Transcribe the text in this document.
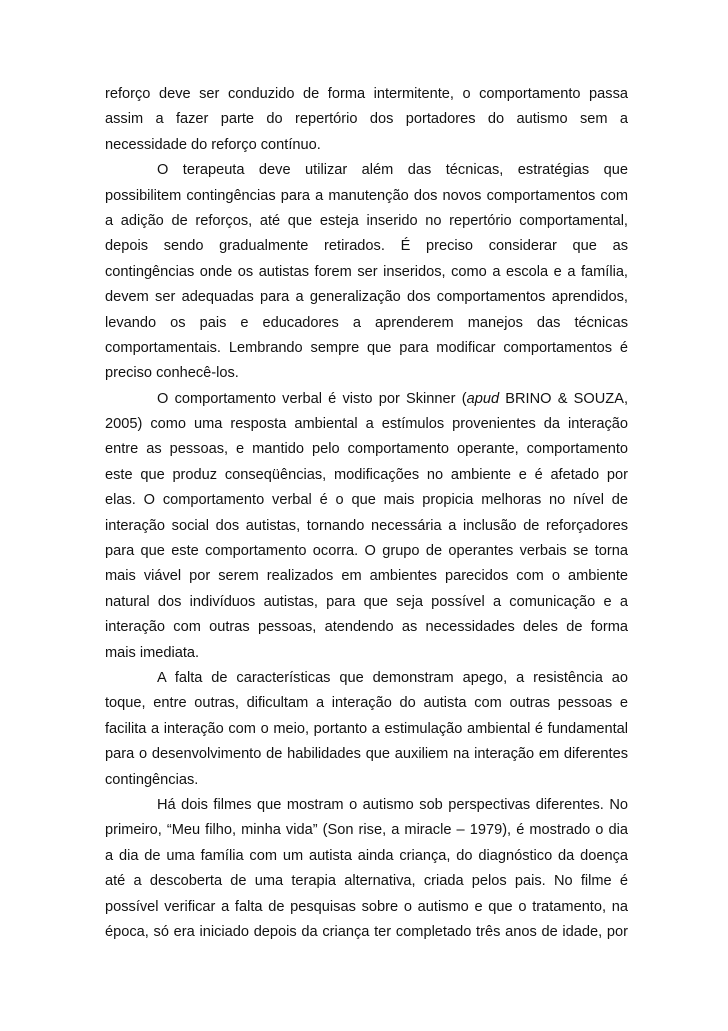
reforço deve ser conduzido de forma intermitente, o comportamento passa
assim a fazer parte do repertório dos portadores do autismo sem a
necessidade do reforço contínuo.
O terapeuta deve utilizar além das técnicas, estratégias que
possibilitem contingências para a manutenção dos novos comportamentos com
a adição de reforços, até que esteja inserido no repertório comportamental,
depois sendo gradualmente retirados. É preciso considerar que as
contingências onde os autistas forem ser inseridos, como a escola e a família,
devem ser adequadas para a generalização dos comportamentos aprendidos,
levando os pais e educadores a aprenderem manejos das técnicas
comportamentais. Lembrando sempre que para modificar comportamentos é
preciso conhecê-los.
O comportamento verbal é visto por Skinner (apud BRINO & SOUZA,
2005) como uma resposta ambiental a estímulos provenientes da interação
entre as pessoas, e mantido pelo comportamento operante, comportamento
este que produz conseqüências, modificações no ambiente e é afetado por
elas. O comportamento verbal é o que mais propicia melhoras no nível de
interação social dos autistas, tornando necessária a inclusão de reforçadores
para que este comportamento ocorra. O grupo de operantes verbais se torna
mais viável por serem realizados em ambientes parecidos com o ambiente
natural dos indivíduos autistas, para que seja possível a comunicação e a
interação com outras pessoas, atendendo as necessidades deles de forma
mais imediata.
A falta de características que demonstram apego, a resistência ao
toque, entre outras, dificultam a interação do autista com outras pessoas e
facilita a interação com o meio, portanto a estimulação ambiental é fundamental
para o desenvolvimento de habilidades que auxiliem na interação em diferentes
contingências.
Há dois filmes que mostram o autismo sob perspectivas diferentes. No
primeiro, “Meu filho, minha vida” (Son rise, a miracle – 1979), é mostrado o dia
a dia de uma família com um autista ainda criança, do diagnóstico da doença
até a descoberta de uma terapia alternativa, criada pelos pais. No filme é
possível verificar a falta de pesquisas sobre o autismo e que o tratamento, na
época, só era iniciado depois da criança ter completado três anos de idade, por
